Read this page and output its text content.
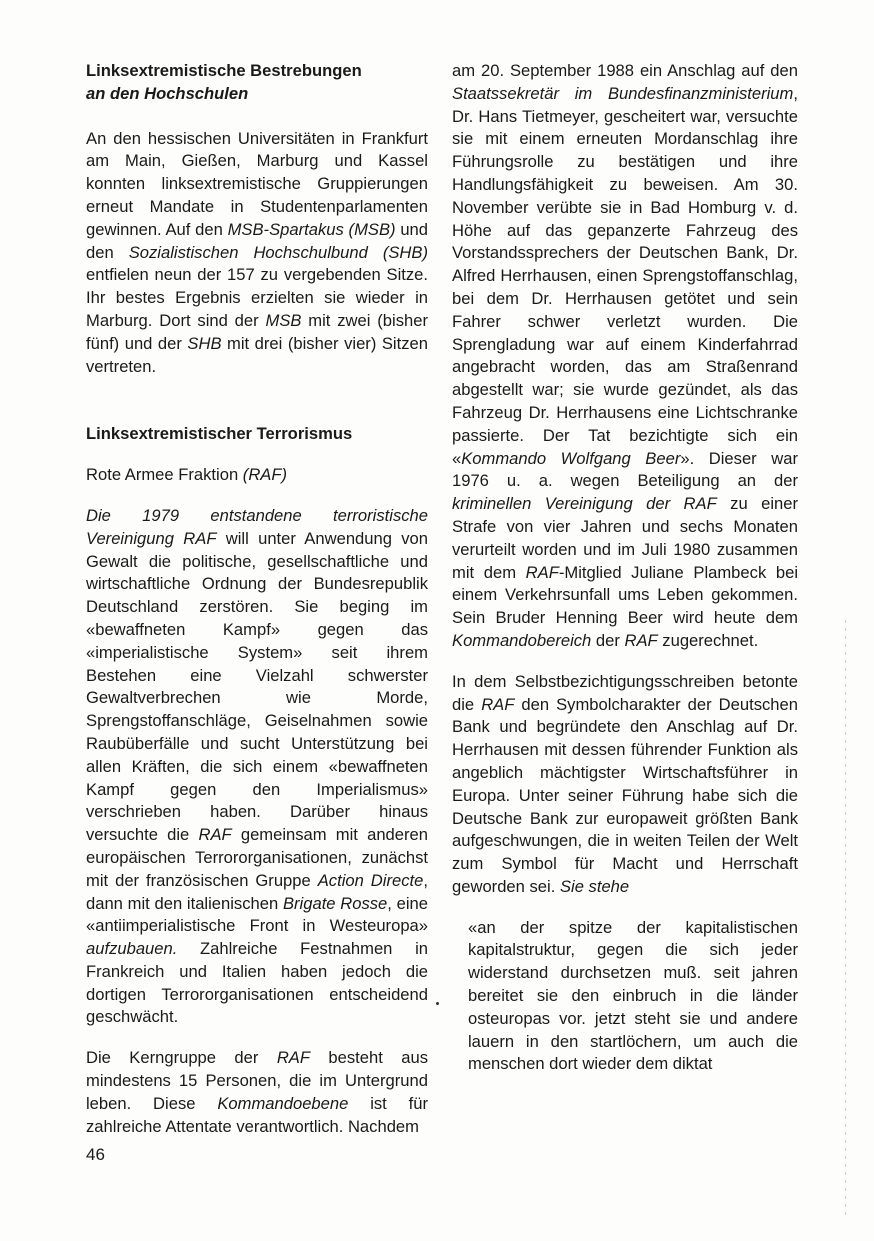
Linksextremistische Bestrebungen
an den Hochschulen

An den hessischen Universitäten in Frankfurt am Main, Gießen, Marburg und Kassel konnten linksextremistische Gruppierungen erneut Mandate in Studentenparlamenten gewinnen. Auf den MSB-Spartakus (MSB) und den Sozialistischen Hochschulbund (SHB) entfielen neun der 157 zu vergebenden Sitze. Ihr bestes Ergebnis erzielten sie wieder in Marburg. Dort sind der MSB mit zwei (bisher fünf) und der SHB mit drei (bisher vier) Sitzen vertreten.

Linksextremistischer Terrorismus

Rote Armee Fraktion (RAF)

Die 1979 entstandene terroristische Vereinigung RAF will unter Anwendung von Gewalt die politische, gesellschaftliche und wirtschaftliche Ordnung der Bundesrepublik Deutschland zerstören. Sie beging im «bewaffneten Kampf» gegen das «imperialistische System» seit ihrem Bestehen eine Vielzahl schwerster Gewaltverbrechen wie Morde, Sprengstoffanschläge, Geiselnahmen sowie Raubüberfälle und sucht Unterstützung bei allen Kräften, die sich einem «bewaffneten Kampf gegen den Imperialismus» verschrieben haben. Darüber hinaus versuchte die RAF gemeinsam mit anderen europäischen Terrororganisationen, zunächst mit der französischen Gruppe Action Directe, dann mit den italienischen Brigate Rosse, eine «antiimperialistische Front in Westeuropa» aufzubauen. Zahlreiche Festnahmen in Frankreich und Italien haben jedoch die dortigen Terrororganisationen entscheidend geschwächt.

Die Kerngruppe der RAF besteht aus mindestens 15 Personen, die im Untergrund leben. Diese Kommandoebene ist für zahlreiche Attentate verantwortlich. Nachdem

am 20. September 1988 ein Anschlag auf den Staatssekretär im Bundesfinanzministerium, Dr. Hans Tietmeyer, gescheitert war, versuchte sie mit einem erneuten Mordanschlag ihre Führungsrolle zu bestätigen und ihre Handlungsfähigkeit zu beweisen. Am 30. November verübte sie in Bad Homburg v. d. Höhe auf das gepanzerte Fahrzeug des Vorstandssprechers der Deutschen Bank, Dr. Alfred Herrhausen, einen Sprengstoffanschlag, bei dem Dr. Herrhausen getötet und sein Fahrer schwer verletzt wurden. Die Sprengladung war auf einem Kinderfahrrad angebracht worden, das am Straßenrand abgestellt war; sie wurde gezündet, als das Fahrzeug Dr. Herrhausens eine Lichtschranke passierte. Der Tat bezichtigte sich ein «Kommando Wolfgang Beer». Dieser war 1976 u. a. wegen Beteiligung an der kriminellen Vereinigung der RAF zu einer Strafe von vier Jahren und sechs Monaten verurteilt worden und im Juli 1980 zusammen mit dem RAF-Mitglied Juliane Plambeck bei einem Verkehrsunfall ums Leben gekommen. Sein Bruder Henning Beer wird heute dem Kommandobereich der RAF zugerechnet.

In dem Selbstbezichtigungsschreiben betonte die RAF den Symbolcharakter der Deutschen Bank und begründete den Anschlag auf Dr. Herrhausen mit dessen führender Funktion als angeblich mächtigster Wirtschaftsführer in Europa. Unter seiner Führung habe sich die Deutsche Bank zur europaweit größten Bank aufgeschwungen, die in weiten Teilen der Welt zum Symbol für Macht und Herrschaft geworden sei. Sie stehe

«an der spitze der kapitalistischen kapitalstruktur, gegen die sich jeder widerstand durchsetzen muß. seit jahren bereitet sie den einbruch in die länder osteuropas vor. jetzt steht sie und andere lauern in den startlöchern, um auch die menschen dort wieder dem diktat

46
